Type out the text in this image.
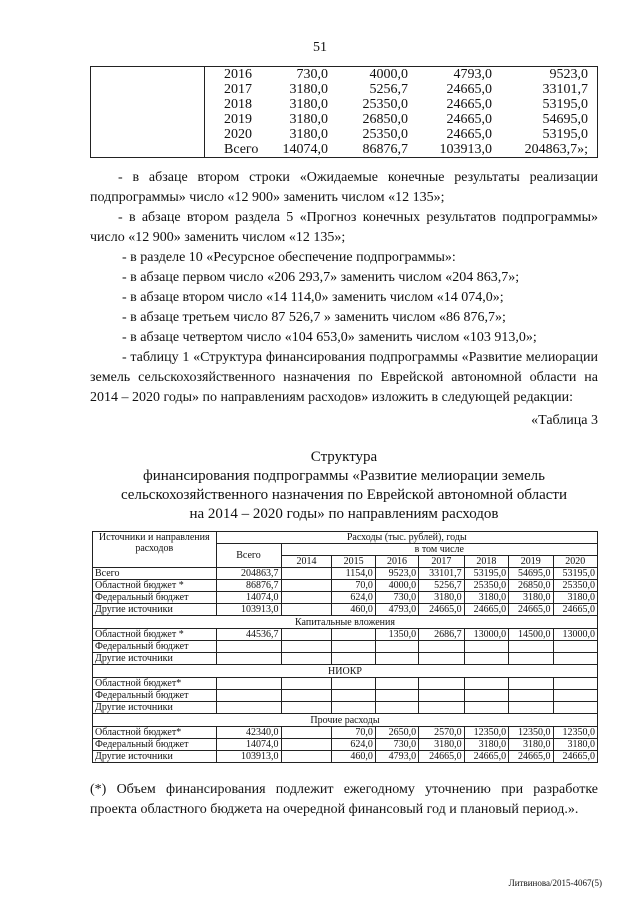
51

2016	730,0	4000,0	4793,0	9523,0
2017	3180,0	5256,7	24665,0	33101,7
2018	3180,0	25350,0	24665,0	53195,0
2019	3180,0	26850,0	24665,0	54695,0
2020	3180,0	25350,0	24665,0	53195,0
Всего	14074,0	86876,7	103913,0	204863,7»;

- в абзаце втором строки «Ожидаемые конечные результаты реализации подпрограммы» число «12 900» заменить числом «12 135»;

- в абзаце втором раздела 5 «Прогноз конечных результатов подпрограммы» число «12 900» заменить числом «12 135»;

- в разделе 10 «Ресурсное обеспечение подпрограммы»:

- в абзаце первом число «206 293,7» заменить числом «204 863,7»;

- в абзаце втором число «14 114,0» заменить числом «14 074,0»;

- в абзаце третьем число 87 526,7 » заменить числом «86 876,7»;

- в абзаце четвертом число «104 653,0» заменить числом «103 913,0»;

- таблицу 1 «Структура финансирования подпрограммы «Развитие мелиорации земель сельскохозяйственного назначения по Еврейской автономной области на 2014 – 2020 годы» по направлениям расходов» изложить в следующей редакции:

«Таблица 3
Структура
финансирования подпрограммы «Развитие мелиорации земель
сельскохозяйственного назначения по Еврейской автономной области
на 2014 – 2020 годы» по направлениям расходов
Источники и направления расходов	Расходы (тыс. рублей), годы							
	Всего	в том числе						
		2014	2015	2016	2017	2018	2019	2020
Всего	204863,7		1154,0	9523,0	33101,7	53195,0	54695,0	53195,0
Областной бюджет *	86876,7		70,0	4000,0	5256,7	25350,0	26850,0	25350,0
Федеральный бюджет	14074,0		624,0	730,0	3180,0	3180,0	3180,0	3180,0
Другие источники	103913,0		460,0	4793,0	24665,0	24665,0	24665,0	24665,0
Капитальные вложения								
Областной бюджет *	44536,7			1350,0	2686,7	13000,0	14500,0	13000,0
Федеральный бюджет								
Другие источники								
НИОКР								
Областной бюджет*								
Федеральный бюджет								
Другие источники								
Прочие расходы								
Областной бюджет*	42340,0		70,0	2650,0	2570,0	12350,0	12350,0	12350,0
Федеральный бюджет	14074,0		624,0	730,0	3180,0	3180,0	3180,0	3180,0
Другие источники	103913,0		460,0	4793,0	24665,0	24665,0	24665,0	24665,0
(*) Объем финансирования подлежит ежегодному уточнению при разработке проекта областного бюджета на очередной финансовый год и плановый период.».
Литвинова/2015-4067(5)
